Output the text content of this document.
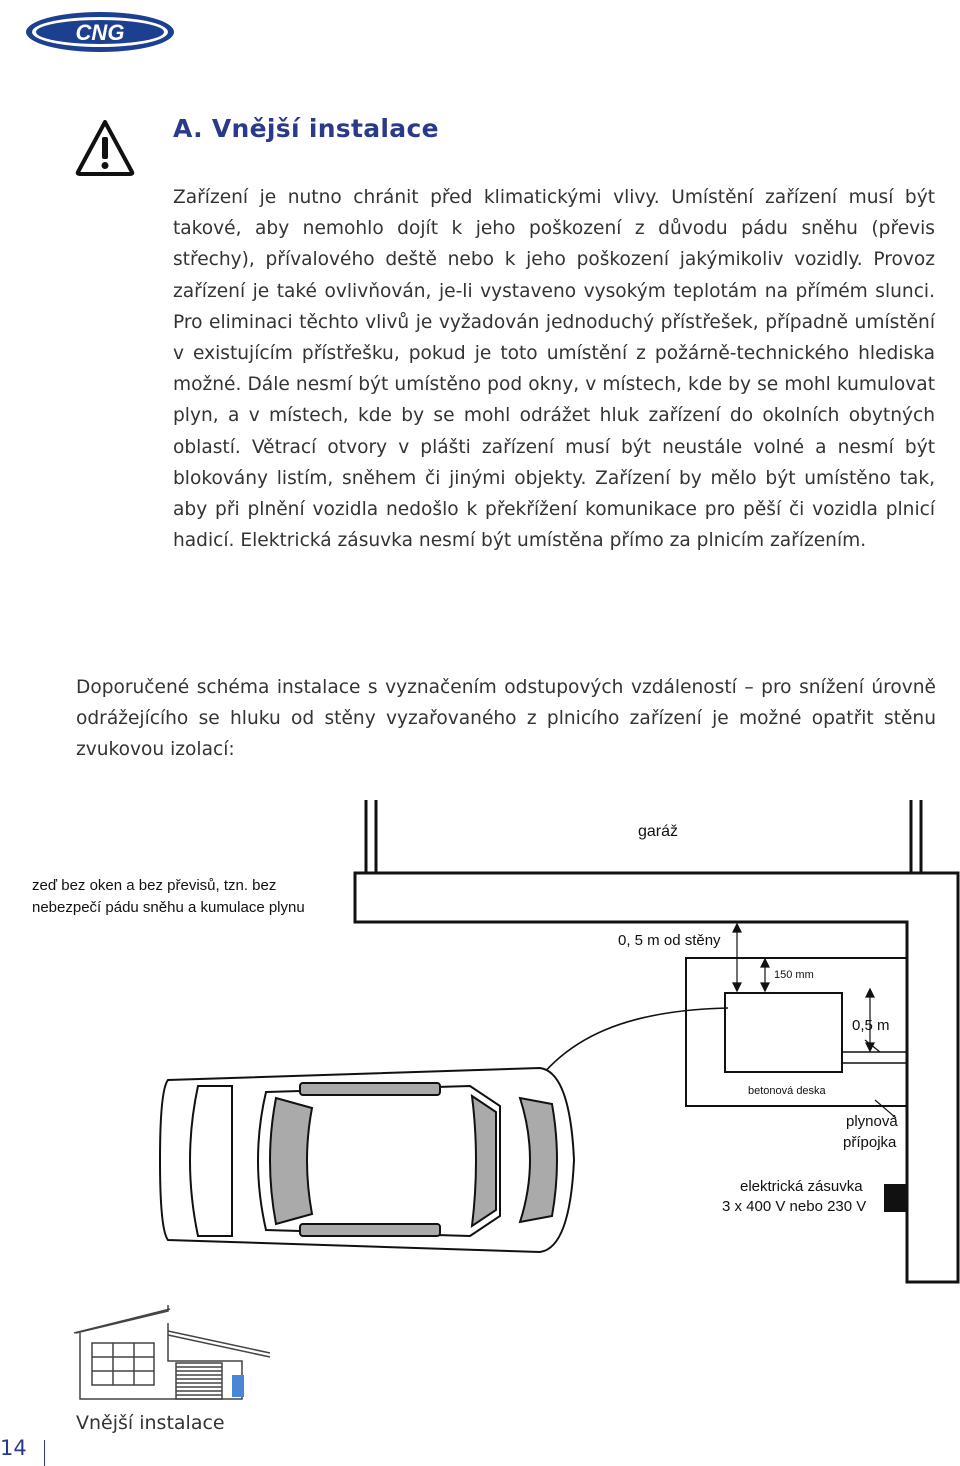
CNG
A. Vnější instalace

Zařízení je nutno chránit před klimatickými vlivy. Umístění zařízení musí být takové, aby nemohlo dojít k jeho poškození z důvodu pádu sněhu (převis střechy), přívalového deště nebo k jeho poškození jakýmikoliv vozidly. Provoz zařízení je také ovlivňován, je-li vystaveno vysokým teplotám na přímém slunci. Pro eliminaci těchto vlivů je vyžadován jednoduchý přístřešek, případně umístění v existujícím přístřešku, pokud je toto umístění z požárně-technického hlediska možné. Dále nesmí být umístěno pod okny, v místech, kde by se mohl kumulovat plyn, a v místech, kde by se mohl odrážet hluk zařízení do okolních obytných oblastí. Větrací otvory v plášti zařízení musí být neustále volné a nesmí být blokovány listím, sněhem či jinými objekty. Zařízení by mělo být umístěno tak, aby při plnění vozidla nedošlo k překřížení komunikace pro pěší či vozidla plnicí hadicí. Elektrická zásuvka nesmí být umístěna přímo za plnicím zařízením.

Doporučené schéma instalace s vyznačením odstupových vzdáleností – pro snížení úrovně odrážejícího se hluku od stěny vyzařovaného z plnicího zařízení je možné opatřit stěnu zvukovou izolací:

garáž
zeď bez oken a bez převisů, tzn. bez
nebezpečí pádu sněhu a kumulace plynu
0, 5 m od stěny
150 mm
0,5 m
betonová deska
plynová
přípojka
elektrická zásuvka
3 x 400 V nebo 230 V

Vnější instalace

14
